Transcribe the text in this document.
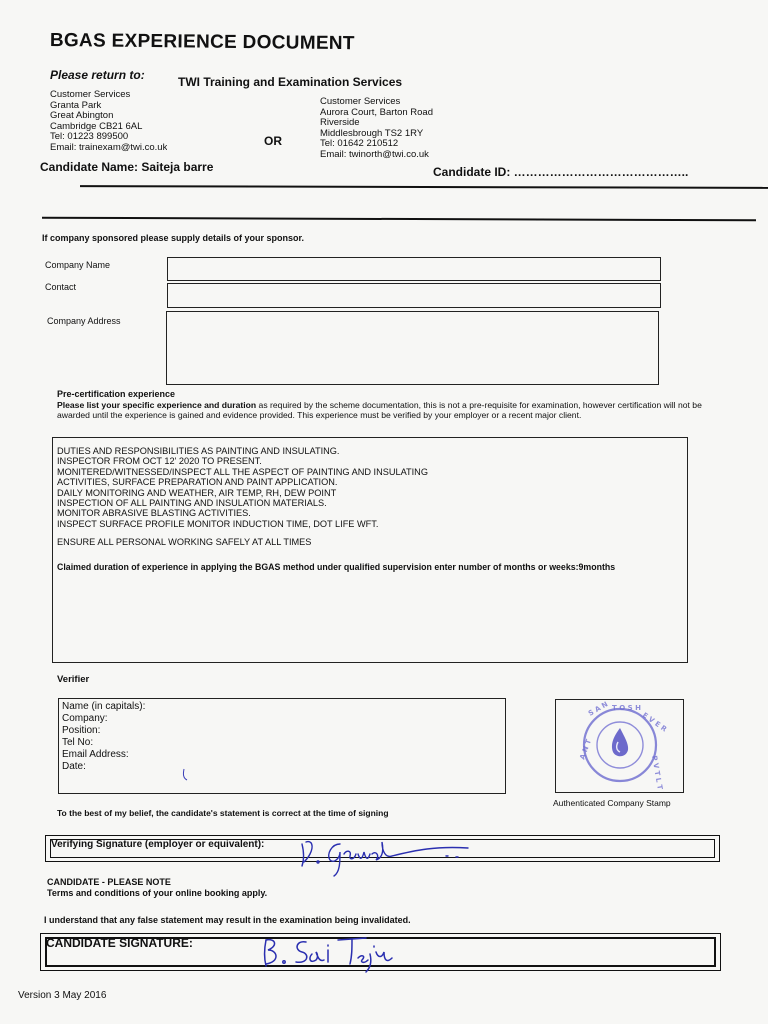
BGAS EXPERIENCE DOCUMENT
Please return to:	TWI Training and Examination Services
Customer Services
Granta Park
Great Abington
Cambridge CB21 6AL
Tel: 01223 899500
Email: trainexam@twi.co.uk	OR
Customer Services
Aurora Court, Barton Road
Riverside
Middlesbrough TS2 1RY
Tel: 01642 210512
Email: twinorth@twi.co.uk
Candidate Name: Saiteja barre	Candidate ID: ……………………………………..
If company sponsored please supply details of your sponsor.
Company Name
Contact
Company Address
Pre-certification experience
Please list your specific experience and duration as required by the scheme documentation, this is not a pre-requisite for examination, however certification will not be awarded until the experience is gained and evidence provided. This experience must be verified by your employer or a recent major client.
DUTIES AND RESPONSIBILITIES AS PAINTING AND INSULATING.
INSPECTOR FROM OCT 12' 2020 TO PRESENT.
MONITERED/WITNESSED/INSPECT ALL THE ASPECT OF PAINTING AND INSULATING
ACTIVITIES, SURFACE PREPARATION AND PAINT APPLICATION.
DAILY MONITORING AND WEATHER, AIR TEMP, RH, DEW POINT
INSPECTION OF ALL PAINTING AND INSULATION MATERIALS.
MONITOR ABRASIVE BLASTING ACTIVITIES.
INSPECT SURFACE PROFILE MONITOR INDUCTION TIME, DOT LIFE WFT.
ENSURE ALL PERSONAL WORKING SAFELY AT ALL TIMES
Claimed duration of experience in applying the BGAS method under qualified supervision enter number of months or weeks:9months
Verifier
Name (in capitals):
Company:
Position:
Tel No:
Email Address:
Date:
S A N T O S H
E V E R
A N T
P V T L T D
Authenticated Company Stamp
To the best of my belief, the candidate's statement is correct at the time of signing
Verifying Signature (employer or equivalent):
CANDIDATE - PLEASE NOTE
Terms and conditions of your online booking apply.
I understand that any false statement may result in the examination being invalidated.
CANDIDATE SIGNATURE:
Version 3 May 2016
